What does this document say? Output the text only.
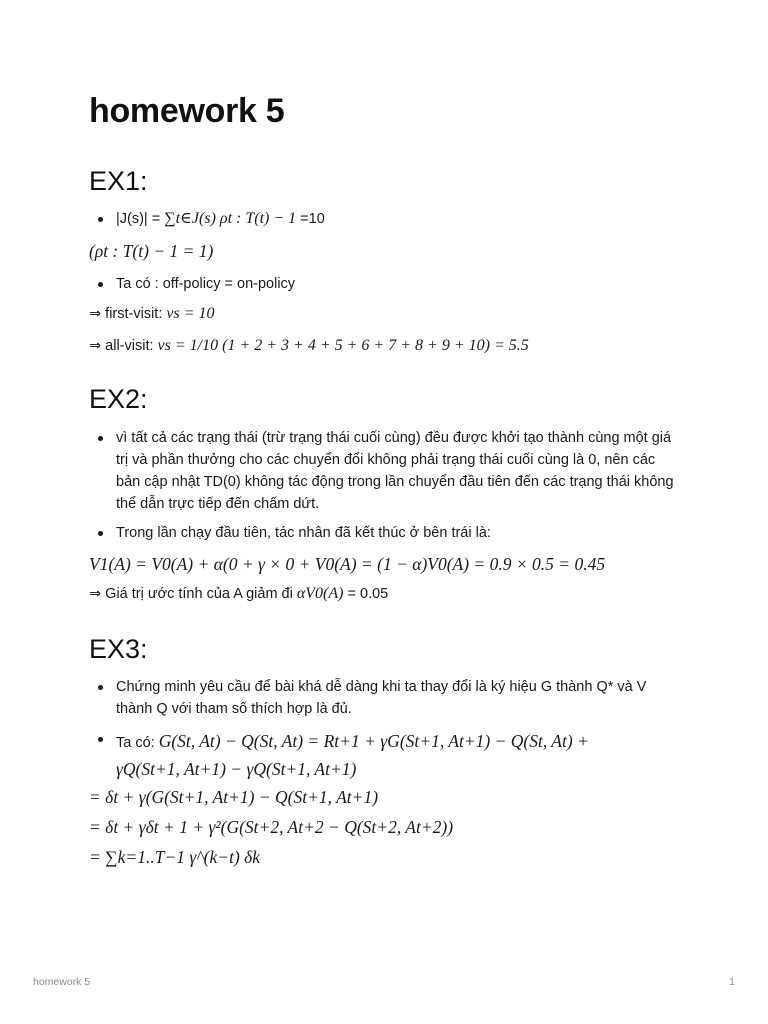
homework 5
EX1:
|J(s)| = ∑t∈J(s) ρt : T(t) − 1 =10
(ρt : T(t) − 1 = 1)
Ta có : off-policy = on-policy
⇒ first-visit: vs = 10
⇒ all-visit: vs = 1/10 (1 + 2 + 3 + 4 + 5 + 6 + 7 + 8 + 9 + 10) = 5.5
EX2:
vì tất cả các trạng thái (trừ trạng thái cuối cùng) đều được khởi tạo thành cùng một giá trị và phần thưởng cho các chuyển đổi không phải trạng thái cuối cùng là 0, nên các bản cập nhật TD(0) không tác động trong lần chuyển đầu tiên đến các trạng thái không thể dẫn trực tiếp đến chấm dứt.
Trong lần chạy đầu tiên, tác nhân đã kết thúc ở bên trái là:
V1(A) = V0(A) + α(0 + γ × 0 + V0(A) = (1 − α)V0(A) = 0.9 × 0.5 = 0.45
⇒ Giá trị ước tính của A giảm đi αV0(A) = 0.05
EX3:
Chứng minh yêu cầu để bài khá dễ dàng khi ta thay đổi là ký hiệu G thành Q* và V thành Q với tham số thích hợp là đủ.
Ta có: G(St, At) − Q(St, At) = Rt+1 + γG(St+1, At+1) − Q(St, At) +
γQ(St+1, At+1) − γQ(St+1, At+1)
= δt + γ(G(St+1, At+1) − Q(St+1, At+1)
= δt + γδt + 1 + γ²(G(St+2, At+2 − Q(St+2, At+2))
= ∑k=1..T−1 γ^(k−t) δk
homework 5	1
